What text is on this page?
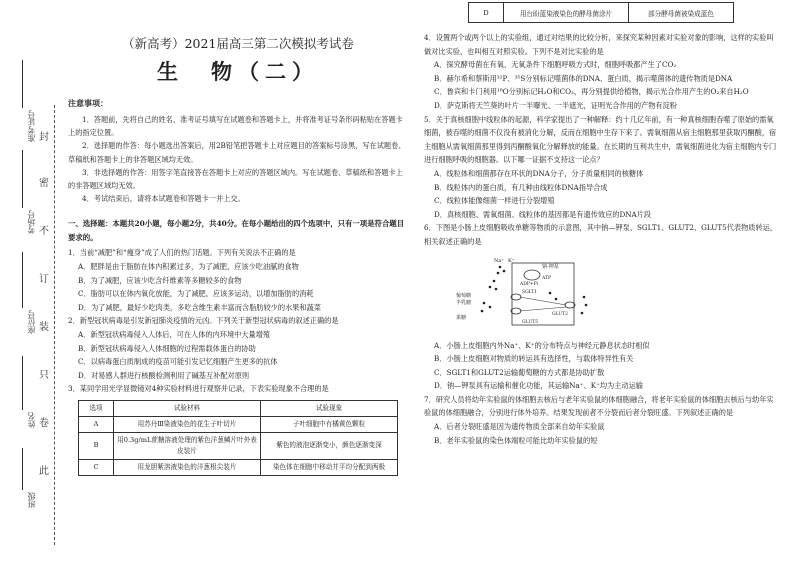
准考证号
考场号
座位号
姓名
班级
封
密
不
订
装
只
卷
此

（新高考）2021届高三第二次模拟考试卷

生　物（二）

注意事项：

1．答题前，先将自己的姓名、准考证号填写在试题卷和答题卡上，并将准考证号条形码粘贴在答题卡上的指定位置。

2．选择题的作答：每小题选出答案后，用2B铅笔把答题卡上对应题目的答案标号涂黑，写在试题卷、草稿纸和答题卡上的非答题区域均无效。

3．非选择题的作答：用签字笔直接答在答题卡上对应的答题区域内。写在试题卷、草稿纸和答题卡上的非答题区域均无效。

4．考试结束后，请将本试题卷和答题卡一并上交。

一、选择题：本题共20小题，每小题2分，共40分。在每小题给出的四个选项中，只有一项是符合题目要求的。

1．当前“减肥”和“瘦身”成了人们的热门话题。下列有关说法不正确的是

A．肥胖是由于脂肪在体内积累过多，为了减肥，应该少吃油腻的食物

B．为了减肥，应该少吃含纤维素等多糖较多的食物

C．脂肪可以在体内氧化放能，为了减肥，应该多运动，以增加脂肪的消耗

D．为了减肥，最好少吃肉类，多吃含维生素丰富而含脂肪较少的水果和蔬菜

2．新型冠状病毒是引发新冠肺炎疫情的元凶。下列关于新型冠状病毒的叙述正确的是

A．新型冠状病毒侵入人体后，可在人体的内环境中大量增殖

B．新型冠状病毒侵入人体细胞的过程需载体蛋白的协助

C．以病毒蛋白质制成的疫苗可能引发记忆细胞产生更多的抗体

D．对易感人群进行核酸检测利用了碱基互补配对原则

3．某同学用光学显微镜对4种实验材料进行观察并记录，下表实验现象不合理的是

选项	试验材料	试验现象
A	用苏丹Ⅲ染液染色的花生子叶切片	子叶细胞中有橘黄色颗粒
B	用0.3g/mL蔗糖溶液处理的紫色洋葱鳞片叶外表皮装片	紫色的液泡逐渐变小，颜色逐渐变深
C	用龙胆紫溶液染色的洋葱根尖装片	染色体在细胞中移动并平均分配到两极
D	用台盼蓝染液染色的酵母菌涂片	部分酵母菌被染成蓝色

4．设置两个或两个以上的实验组，通过对结果的比较分析，来探究某种因素对实验对象的影响，这样的实验叫做对比实验，也叫相互对照实验。下列不是对比实验的是

A．探究酵母菌在有氧、无氧条件下细胞呼吸方式时，细胞呼吸都产生了CO₂

B．赫尔希和蔡斯用³²P、³⁵S分别标记噬菌体的DNA、蛋白质，揭示噬菌体的遗传物质是DNA

C．鲁宾和卡门利用¹⁸O分别标记H₂O和CO₂，再分别提供给植物，揭示光合作用产生的O₂来自H₂O

D．萨克斯将天竺葵的叶片一半曝光、一半遮光，证明光合作用的产物有淀粉

5．关于真核细胞中线粒体的起源，科学家提出了一种解释：约十几亿年前，有一种真核细胞吞噬了原始的需氧细菌，被吞噬的细菌不仅没有被消化分解，反而在细胞中生存下来了。需氧细菌从宿主细胞那里获取丙酮酸，宿主细胞从需氧细菌那里得到丙酮酸氧化分解释放的能量。在长期的互利共生中，需氧细菌进化为宿主细胞内专门进行细胞呼吸的细胞器。以下哪一证据不支持这一论点？

A．线粒体和细菌都存在环状的DNA分子，分子质量相同的核糖体

B．线粒体内的蛋白质，有几种由线粒体DNA指导合成

C．线粒体能像细菌一样进行分裂增殖

D．真核细胞、需氧细菌、线粒体的基因都是有遗传效应的DNA片段

6．下图是小肠上皮细胞吸收单糖等物质的示意图，其中钠—钾泵、SGLT1、GLUT2、GLUT5代表物质转运，相关叙述正确的是

Na⁺ K⁺
钠-钾泵
ATP
ADP+Pi
葡萄糖
半乳糖
果糖
SGLT1
GLUT2
GLUT5

A．小肠上皮细胞内外Na⁺、K⁺的分布特点与神经元静息状态时相似

B．小肠上皮细胞对物质的转运具有选择性，与载体特异性有关

C．SGLT1和GLUT2运输葡萄糖的方式都是协助扩散

D．钠—钾泵具有运输和催化功能，其运输Na⁺、K⁺均为主动运输

7．研究人员将幼年实验鼠的体细胞去核后与老年实验鼠的体细胞融合，将老年实验鼠的体细胞去核后与幼年实验鼠的体细胞融合，分别进行体外培养。结果发现前者不分裂而后者分裂旺盛。下列叙述正确的是

A．后者分裂旺盛是因为遗传物质全部来自幼年实验鼠

B．老年实验鼠的染色体端粒可能比幼年实验鼠的短
